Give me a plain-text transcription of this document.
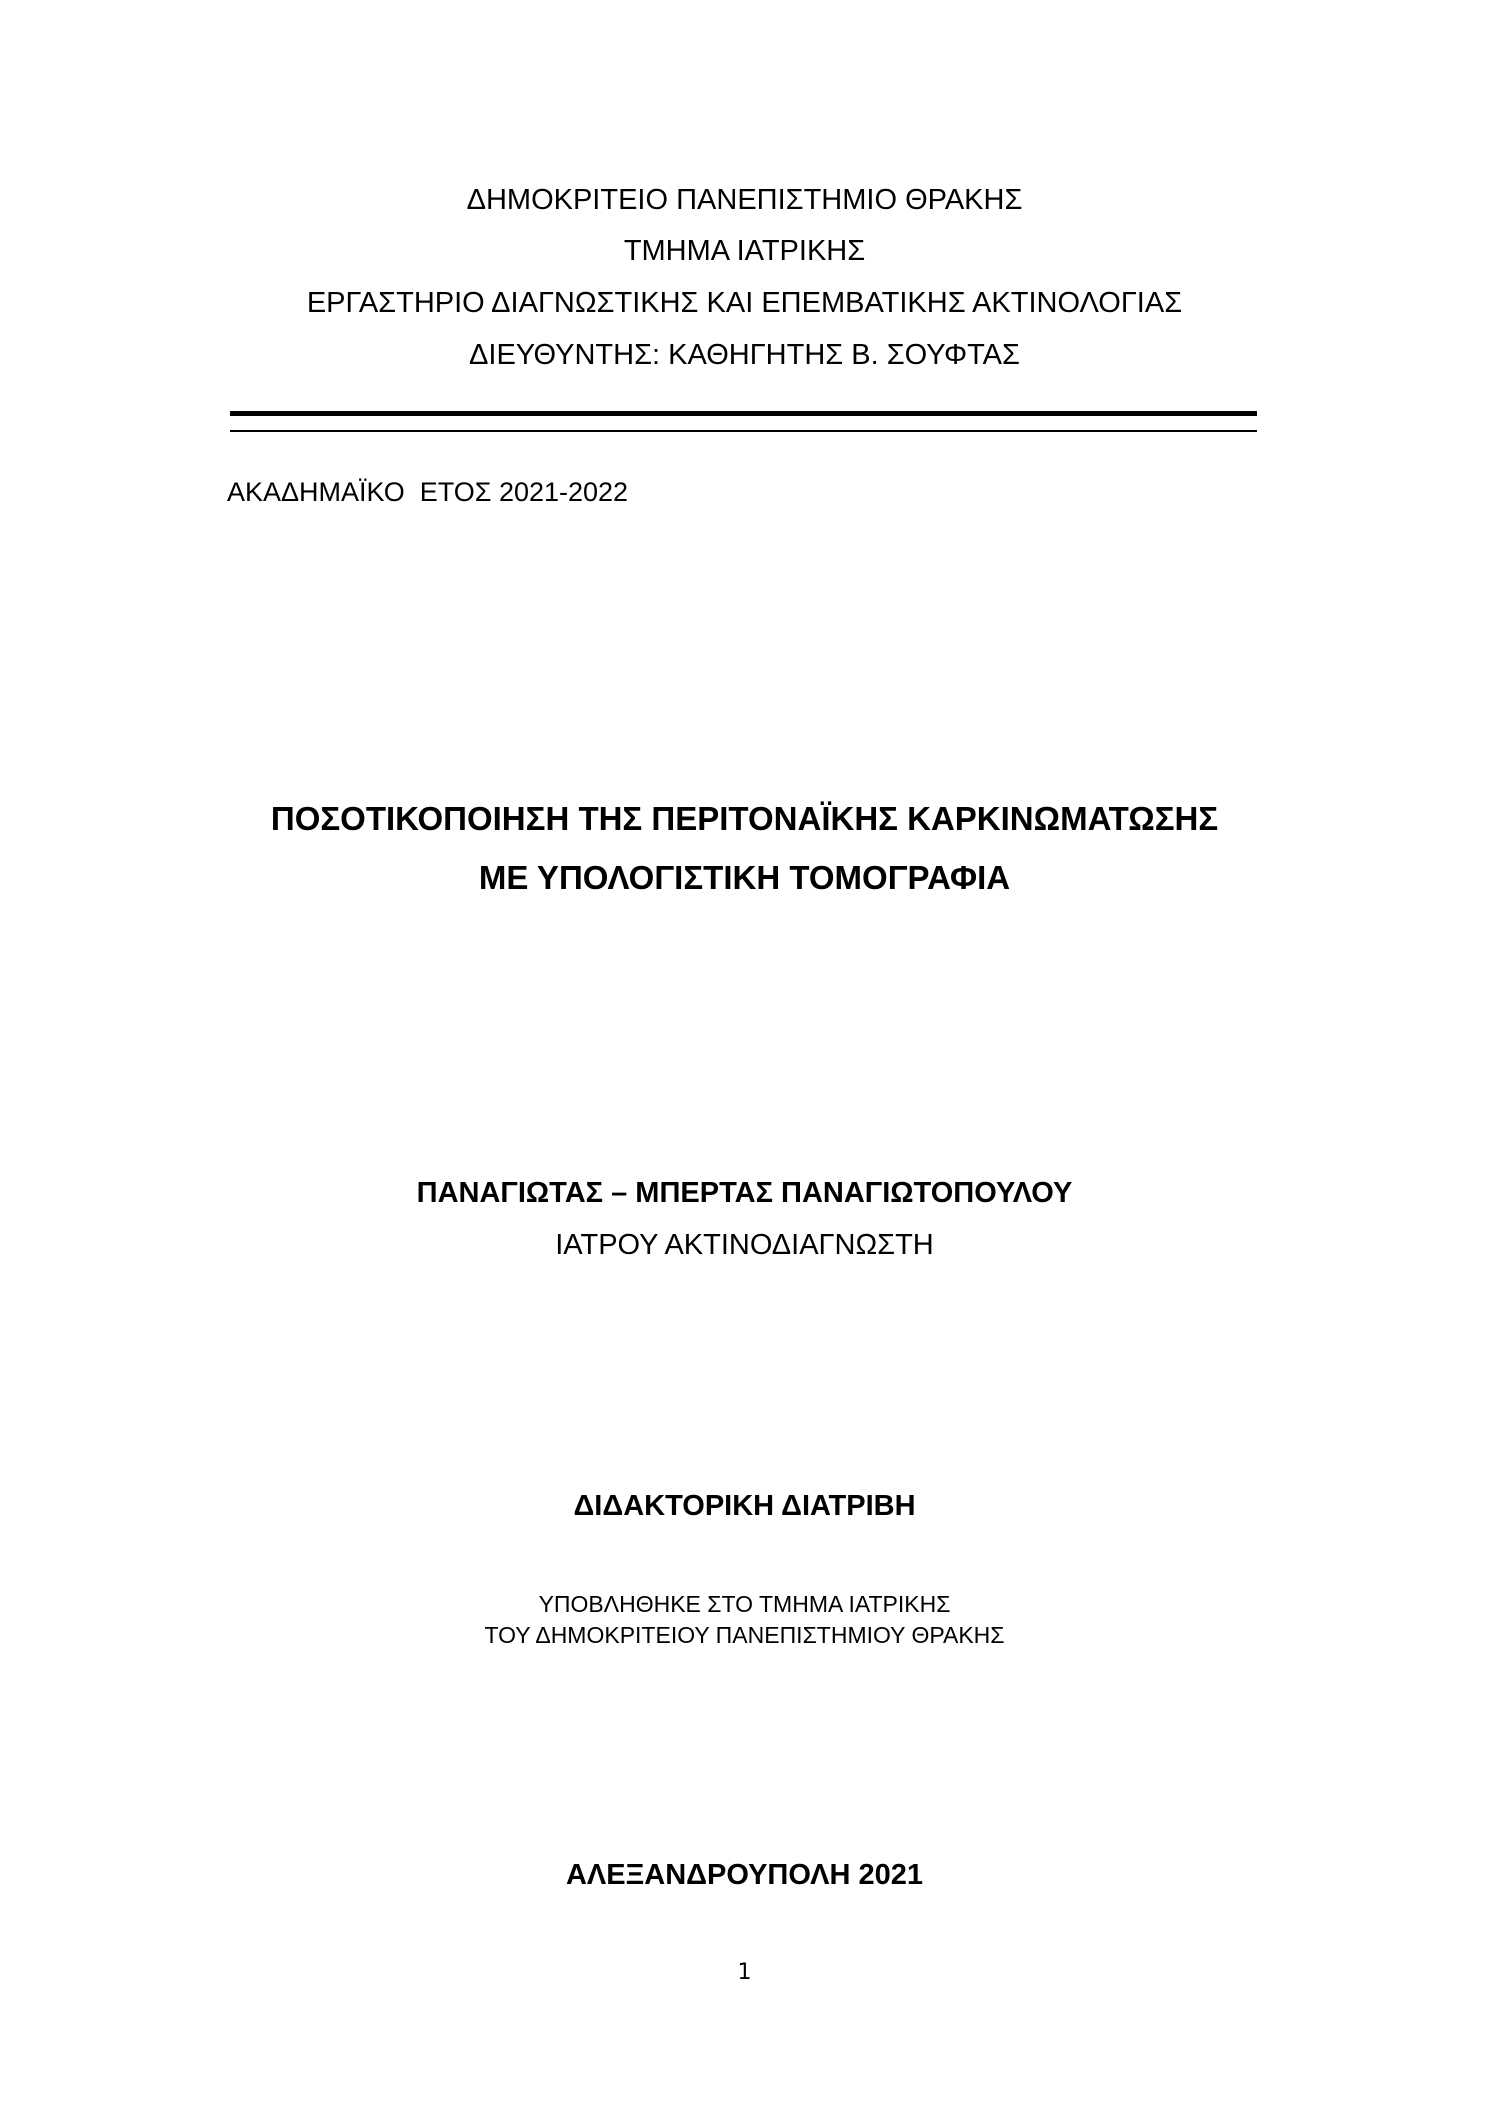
ΔΗΜΟΚΡΙΤΕΙΟ ΠΑΝΕΠΙΣΤΗΜΙΟ ΘΡΑΚΗΣ
ΤΜΗΜΑ ΙΑΤΡΙΚΗΣ
ΕΡΓΑΣΤΗΡΙΟ ΔΙΑΓΝΩΣΤΙΚΗΣ ΚΑΙ ΕΠΕΜΒΑΤΙΚΗΣ ΑΚΤΙΝΟΛΟΓΙΑΣ
ΔΙΕΥΘΥΝΤΗΣ: ΚΑΘΗΓΗΤΗΣ Β. ΣΟΥΦΤΑΣ
ΑΚΑΔΗΜΑΪΚΟ  ΕΤΟΣ 2021-2022
ΠΟΣΟΤΙΚΟΠΟΙΗΣΗ ΤΗΣ ΠΕΡΙΤΟΝΑΪΚΗΣ ΚΑΡΚΙΝΩΜΑΤΩΣΗΣ
ΜΕ ΥΠΟΛΟΓΙΣΤΙΚΗ ΤΟΜΟΓΡΑΦΙΑ
ΠΑΝΑΓΙΩΤΑΣ – ΜΠΕΡΤΑΣ ΠΑΝΑΓΙΩΤΟΠΟΥΛΟΥ
ΙΑΤΡΟΥ ΑΚΤΙΝΟΔΙΑΓΝΩΣΤΗ
ΔΙΔΑΚΤΟΡΙΚΗ ΔΙΑΤΡΙΒΗ
ΥΠΟΒΛΗΘΗΚΕ ΣΤΟ ΤΜΗΜΑ ΙΑΤΡΙΚΗΣ
ΤΟΥ ΔΗΜΟΚΡΙΤΕΙΟΥ ΠΑΝΕΠΙΣΤΗΜΙΟΥ ΘΡΑΚΗΣ
ΑΛΕΞΑΝΔΡΟΥΠΟΛΗ 2021
1
